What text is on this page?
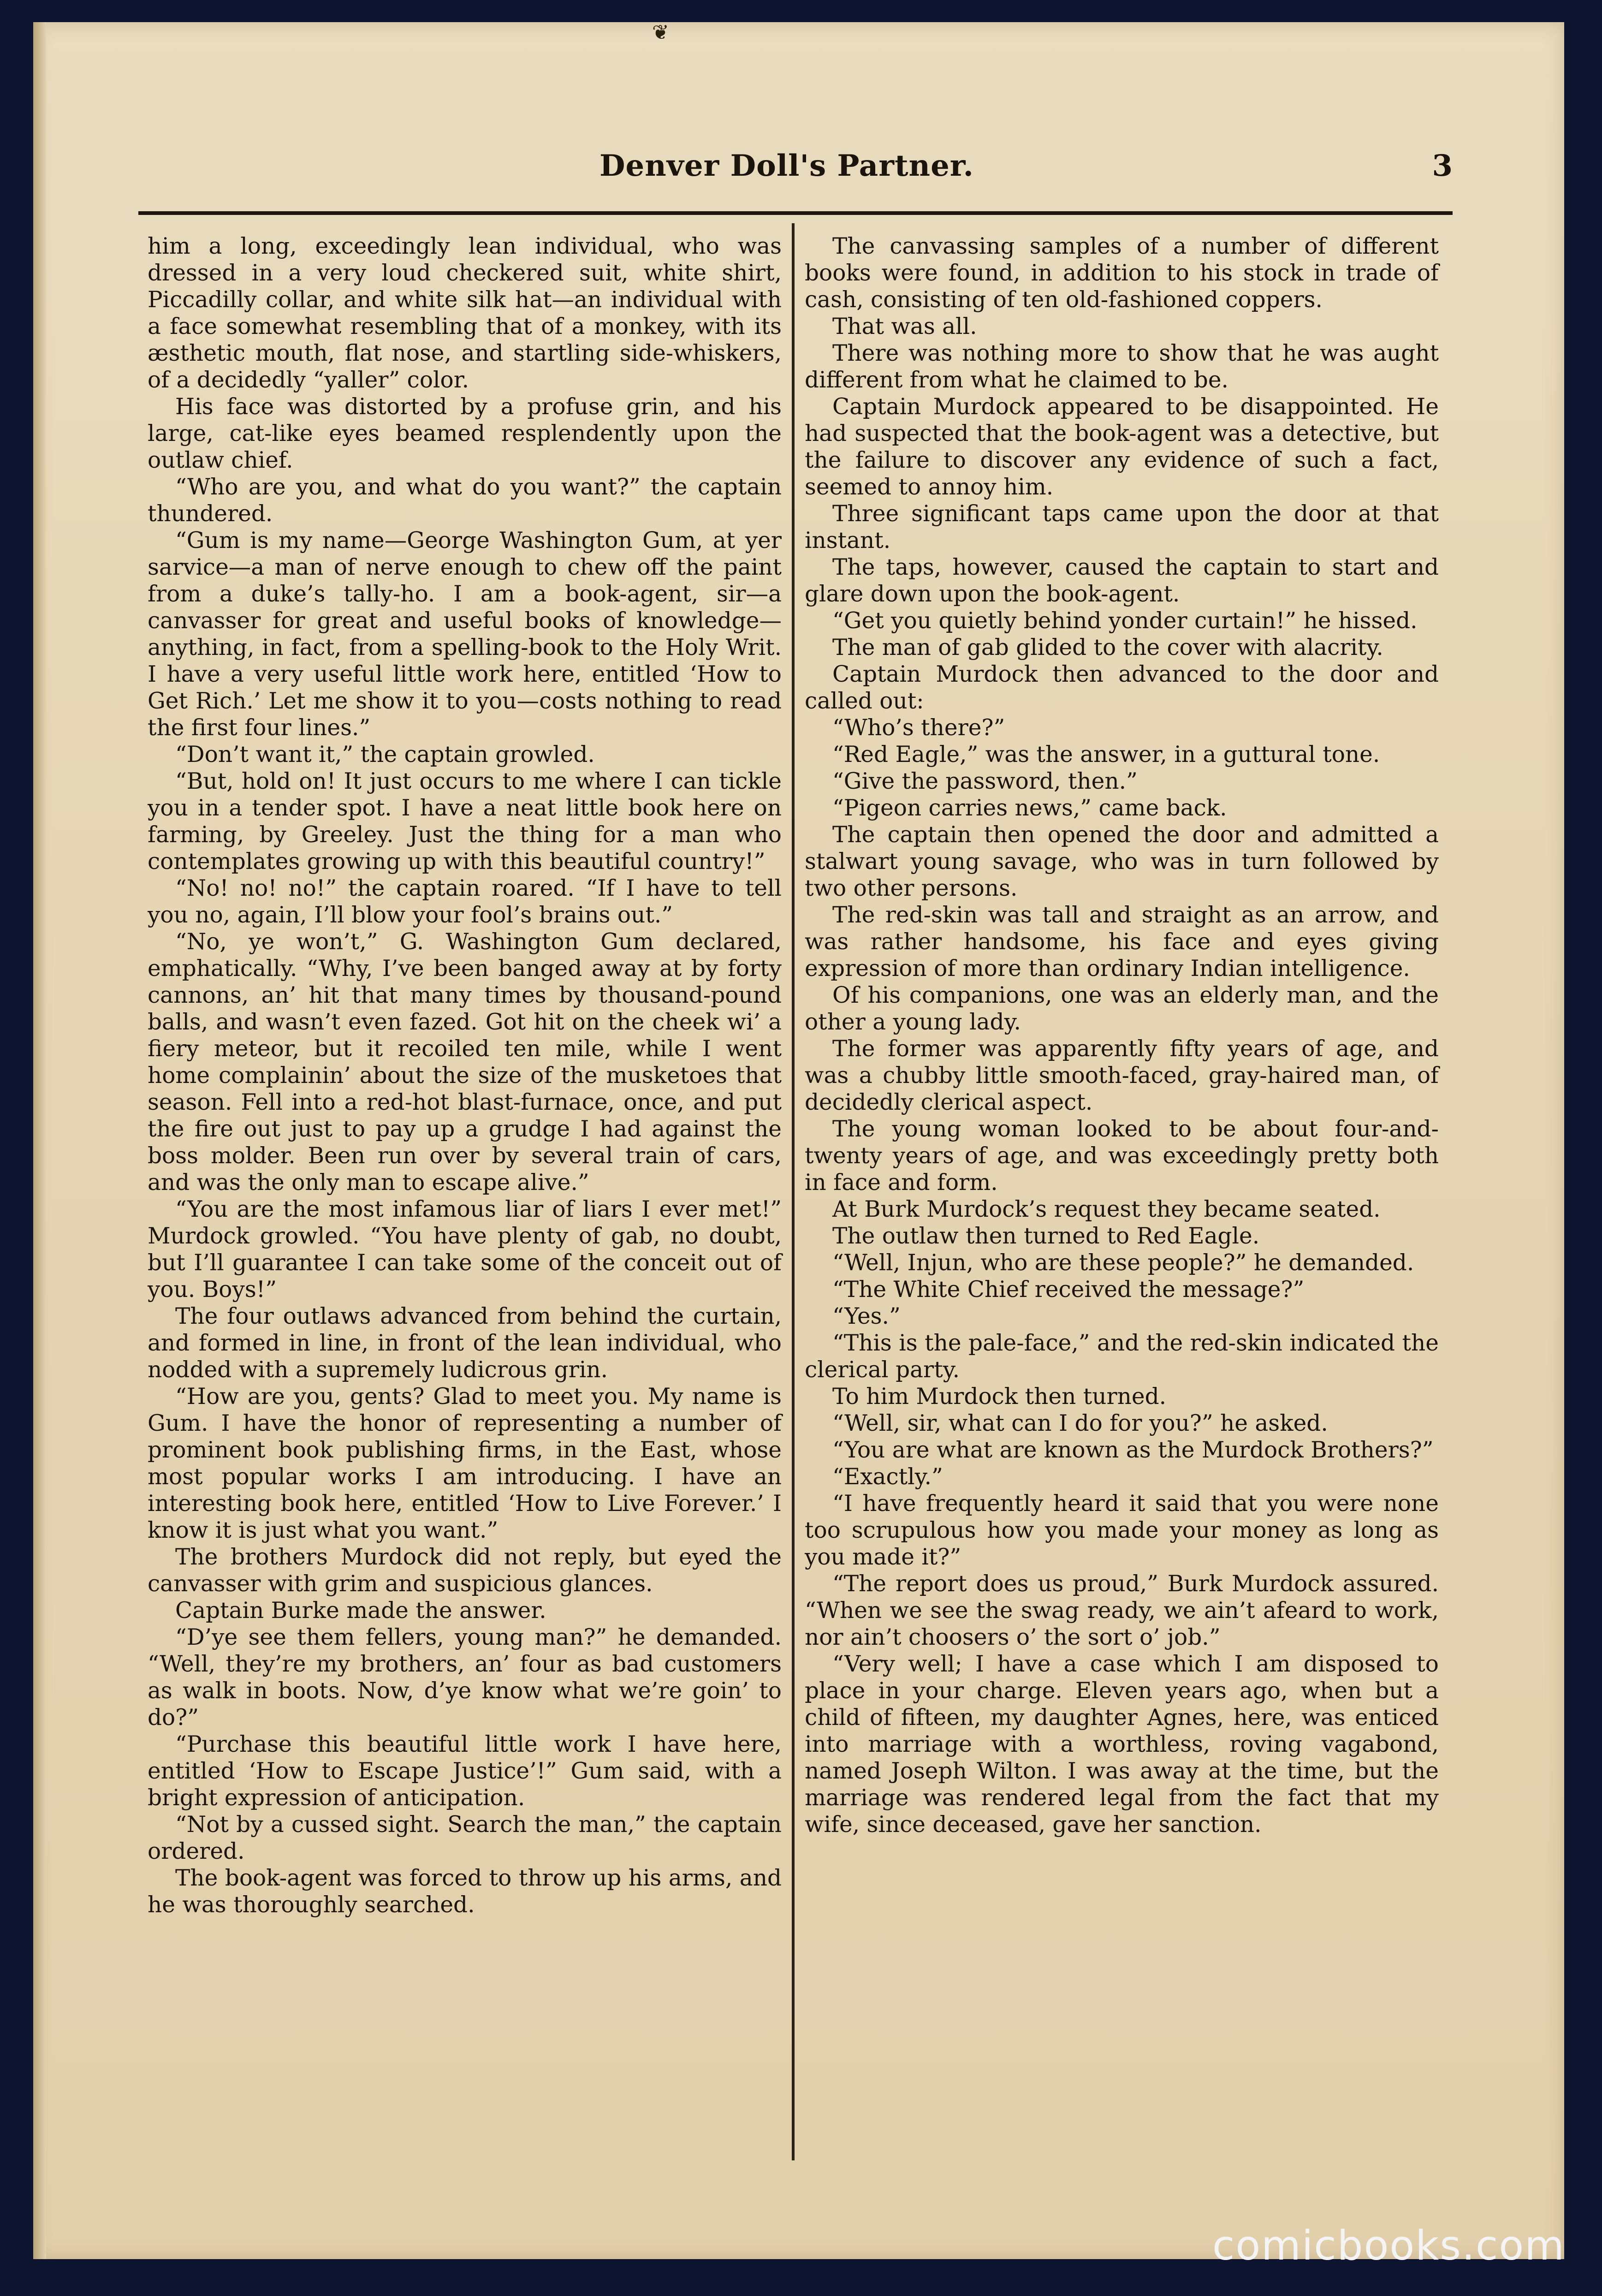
❦
Denver Doll's Partner.	3

him a long, exceedingly lean individual, who was dressed in a very loud checkered suit, white shirt, Piccadilly collar, and white silk hat—an individual with a face somewhat resembling that of a monkey, with its æsthetic mouth, flat nose, and startling side-whiskers, of a decidedly “yaller” color.

His face was distorted by a profuse grin, and his large, cat-like eyes beamed resplendently upon the outlaw chief.

“Who are you, and what do you want?” the captain thundered.

“Gum is my name—George Washington Gum, at yer sarvice—a man of nerve enough to chew off the paint from a duke’s tally-ho. I am a book-agent, sir—a canvasser for great and useful books of knowledge—anything, in fact, from a spelling-book to the Holy Writ. I have a very useful little work here, entitled ‘How to Get Rich.’ Let me show it to you—costs nothing to read the first four lines.”

“Don’t want it,” the captain growled.

“But, hold on! It just occurs to me where I can tickle you in a tender spot. I have a neat little book here on farming, by Greeley. Just the thing for a man who contemplates growing up with this beautiful country!”

“No! no! no!” the captain roared. “If I have to tell you no, again, I’ll blow your fool’s brains out.”

“No, ye won’t,” G. Washington Gum declared, emphatically. “Why, I’ve been banged away at by forty cannons, an’ hit that many times by thousand-pound balls, and wasn’t even fazed. Got hit on the cheek wi’ a fiery meteor, but it recoiled ten mile, while I went home complainin’ about the size of the musketoes that season. Fell into a red-hot blast-furnace, once, and put the fire out just to pay up a grudge I had against the boss molder. Been run over by several train of cars, and was the only man to escape alive.”

“You are the most infamous liar of liars I ever met!” Murdock growled. “You have plenty of gab, no doubt, but I’ll guarantee I can take some of the conceit out of you. Boys!”

The four outlaws advanced from behind the curtain, and formed in line, in front of the lean individual, who nodded with a supremely ludicrous grin.

“How are you, gents? Glad to meet you. My name is Gum. I have the honor of representing a number of prominent book publishing firms, in the East, whose most popular works I am introducing. I have an interesting book here, entitled ‘How to Live Forever.’ I know it is just what you want.”

The brothers Murdock did not reply, but eyed the canvasser with grim and suspicious glances.

Captain Burke made the answer.

“D’ye see them fellers, young man?” he demanded. “Well, they’re my brothers, an’ four as bad customers as walk in boots. Now, d’ye know what we’re goin’ to do?”

“Purchase this beautiful little work I have here, entitled ‘How to Escape Justice’!” Gum said, with a bright expression of anticipation.

“Not by a cussed sight. Search the man,” the captain ordered.

The book-agent was forced to throw up his arms, and he was thoroughly searched.

The canvassing samples of a number of different books were found, in addition to his stock in trade of cash, consisting of ten old-fashioned coppers.

That was all.

There was nothing more to show that he was aught different from what he claimed to be.

Captain Murdock appeared to be disappointed. He had suspected that the book-agent was a detective, but the failure to discover any evidence of such a fact, seemed to annoy him.

Three significant taps came upon the door at that instant.

The taps, however, caused the captain to start and glare down upon the book-agent.

“Get you quietly behind yonder curtain!” he hissed.

The man of gab glided to the cover with alacrity.

Captain Murdock then advanced to the door and called out:

“Who’s there?”

“Red Eagle,” was the answer, in a guttural tone.

“Give the password, then.”

“Pigeon carries news,” came back.

The captain then opened the door and admitted a stalwart young savage, who was in turn followed by two other persons.

The red-skin was tall and straight as an arrow, and was rather handsome, his face and eyes giving expression of more than ordinary Indian intelligence.

Of his companions, one was an elderly man, and the other a young lady.

The former was apparently fifty years of age, and was a chubby little smooth-faced, gray-haired man, of decidedly clerical aspect.

The young woman looked to be about four-and-twenty years of age, and was exceedingly pretty both in face and form.

At Burk Murdock’s request they became seated.

The outlaw then turned to Red Eagle.

“Well, Injun, who are these people?” he demanded.

“The White Chief received the message?”

“Yes.”

“This is the pale-face,” and the red-skin indicated the clerical party.

To him Murdock then turned.

“Well, sir, what can I do for you?” he asked.

“You are what are known as the Murdock Brothers?”

“Exactly.”

“I have frequently heard it said that you were none too scrupulous how you made your money as long as you made it?”

“The report does us proud,” Burk Murdock assured. “When we see the swag ready, we ain’t afeard to work, nor ain’t choosers o’ the sort o’ job.”

“Very well; I have a case which I am disposed to place in your charge. Eleven years ago, when but a child of fifteen, my daughter Agnes, here, was enticed into marriage with a worthless, roving vagabond, named Joseph Wilton. I was away at the time, but the marriage was rendered legal from the fact that my wife, since deceased, gave her sanction.

comicbooks.com
